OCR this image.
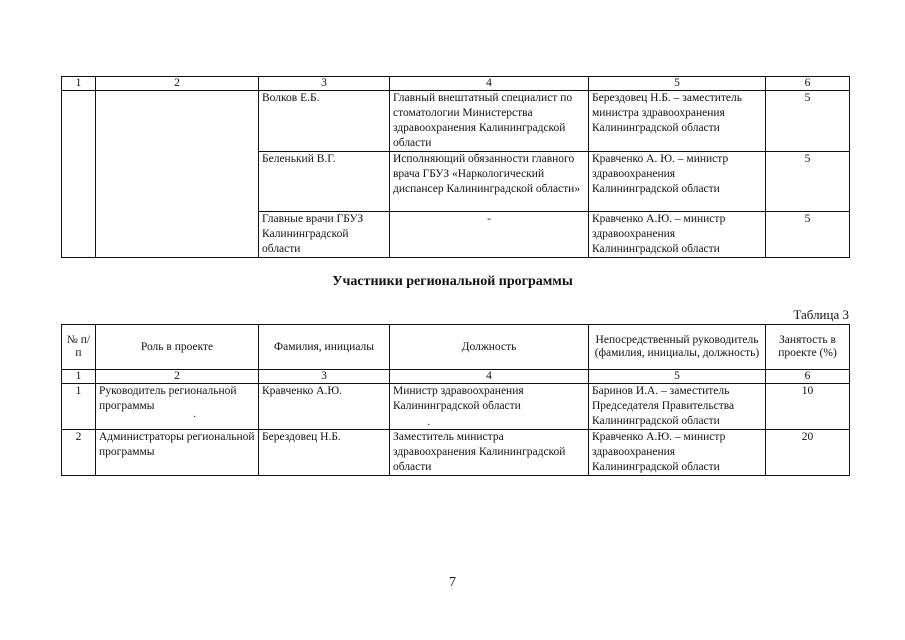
1	2	3	4	5	6
		Волков Е.Б.	Главный внештатный специалист по стоматологии Министерства здравоохранения Калининградской области	Берездовец Н.Б. – заместитель министра здравоохранения Калининградской области	5
		Беленький В.Г.	Исполняющий обязанности главного врача ГБУЗ «Наркологический диспансер Калининградской области»	Кравченко А. Ю. – министр здравоохранения Калининградской области	5
		Главные врачи ГБУЗ Калининградской области	-	Кравченко А.Ю. – министр здравоохранения Калининградской области	5
Участники региональной программы
Таблица 3
№ п/п	Роль в проекте	Фамилия, инициалы	Должность	Непосредственный руководитель (фамилия, инициалы, должность)	Занятость в проекте (%)
1	2	3	4	5	6
1	Руководитель региональной программы	Кравченко А.Ю.	Министр здравоохранения Калининградской области	Баринов И.А. – заместитель Председателя Правительства Калининградской области	10
2	Администраторы региональной программы	Берездовец Н.Б.	Заместитель министра здравоохранения Калининградской области	Кравченко А.Ю. – министр здравоохранения Калининградской области	20
·
·
7
